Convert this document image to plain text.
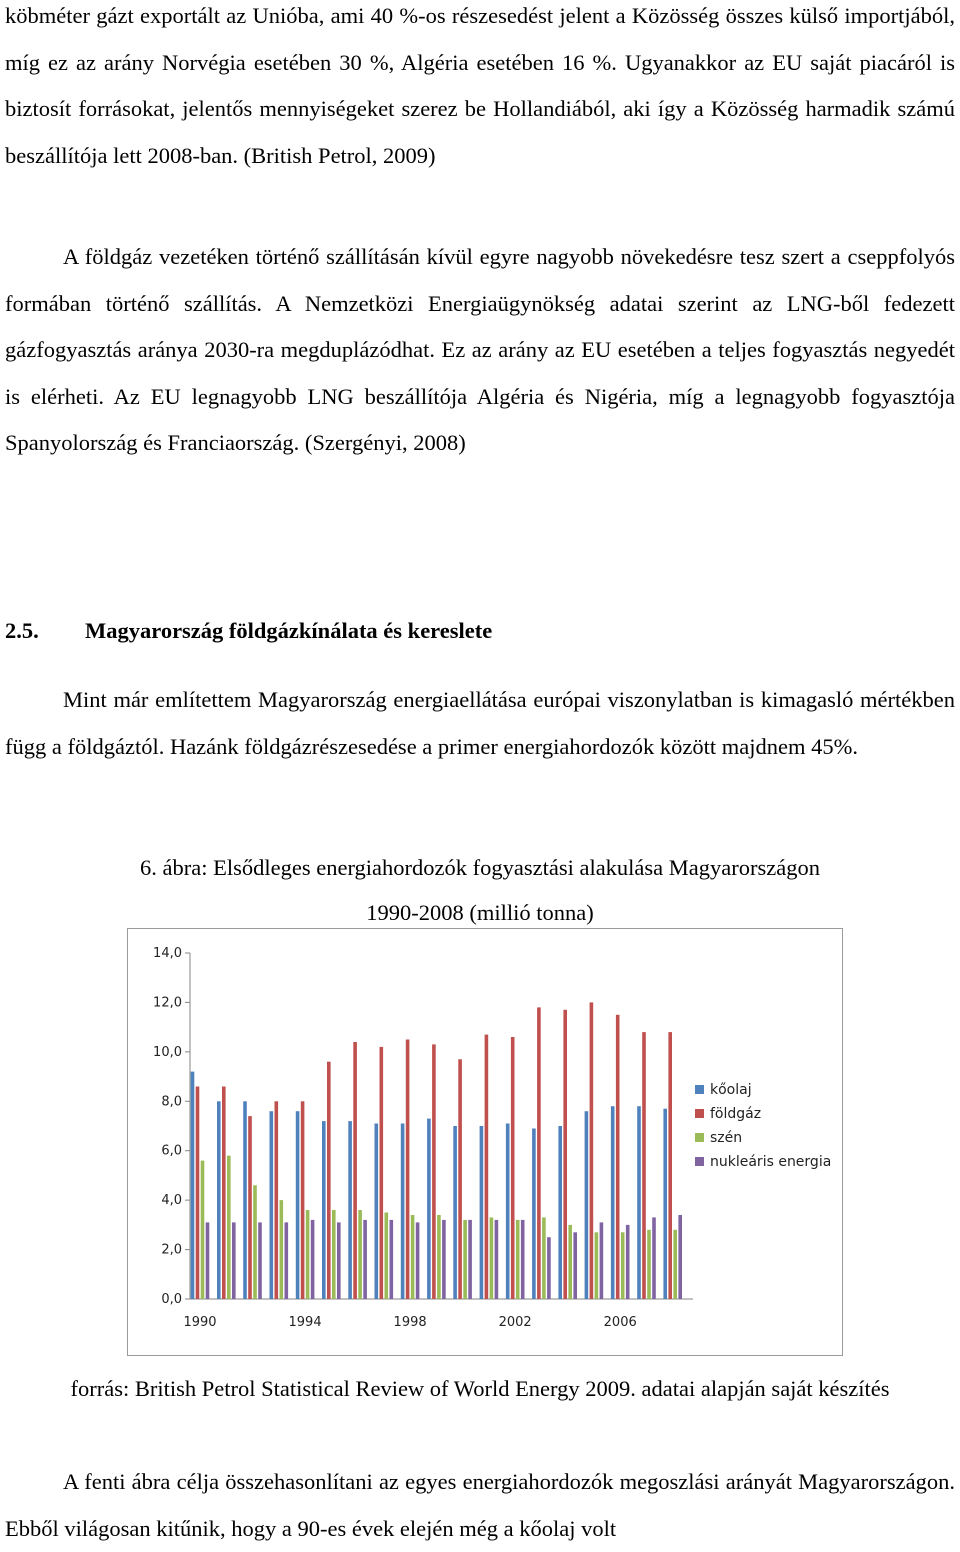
köbméter gázt exportált az Unióba, ami 40 %-os részesedést jelent a Közösség összes külső importjából, míg ez az arány Norvégia esetében 30 %, Algéria esetében 16 %. Ugyanakkor az EU saját piacáról is biztosít forrásokat, jelentős mennyiségeket szerez be Hollandiából, aki így a Közösség harmadik számú beszállítója lett 2008-ban. (British Petrol, 2009)

A földgáz vezetéken történő szállításán kívül egyre nagyobb növekedésre tesz szert a cseppfolyós formában történő szállítás. A Nemzetközi Energiaügynökség adatai szerint az LNG-ből fedezett gázfogyasztás aránya 2030-ra megduplázódhat. Ez az arány az EU esetében a teljes fogyasztás negyedét is elérheti. Az EU legnagyobb LNG beszállítója Algéria és Nigéria, míg a legnagyobb fogyasztója Spanyolország és Franciaország. (Szergényi, 2008)

2.5. Magyarország földgázkínálata és kereslete

Mint már említettem Magyarország energiaellátása európai viszonylatban is kimagasló mértékben függ a földgáztól. Hazánk földgázrészesedése a primer energiahordozók között majdnem 45%.

6. ábra: Elsődleges energiahordozók fogyasztási alakulása Magyarországon
1990-2008 (millió tonna)
0,0
2,0
4,0
6,0
8,0
10,0
12,0
14,0
1990	1994	1998	2002	2006
kőolaj
földgáz
szén
nukleáris energia
forrás: British Petrol Statistical Review of World Energy 2009. adatai alapján saját készítés

A fenti ábra célja összehasonlítani az egyes energiahordozók megoszlási arányát Magyarországon. Ebből világosan kitűnik, hogy a 90-es évek elején még a kőolaj volt
